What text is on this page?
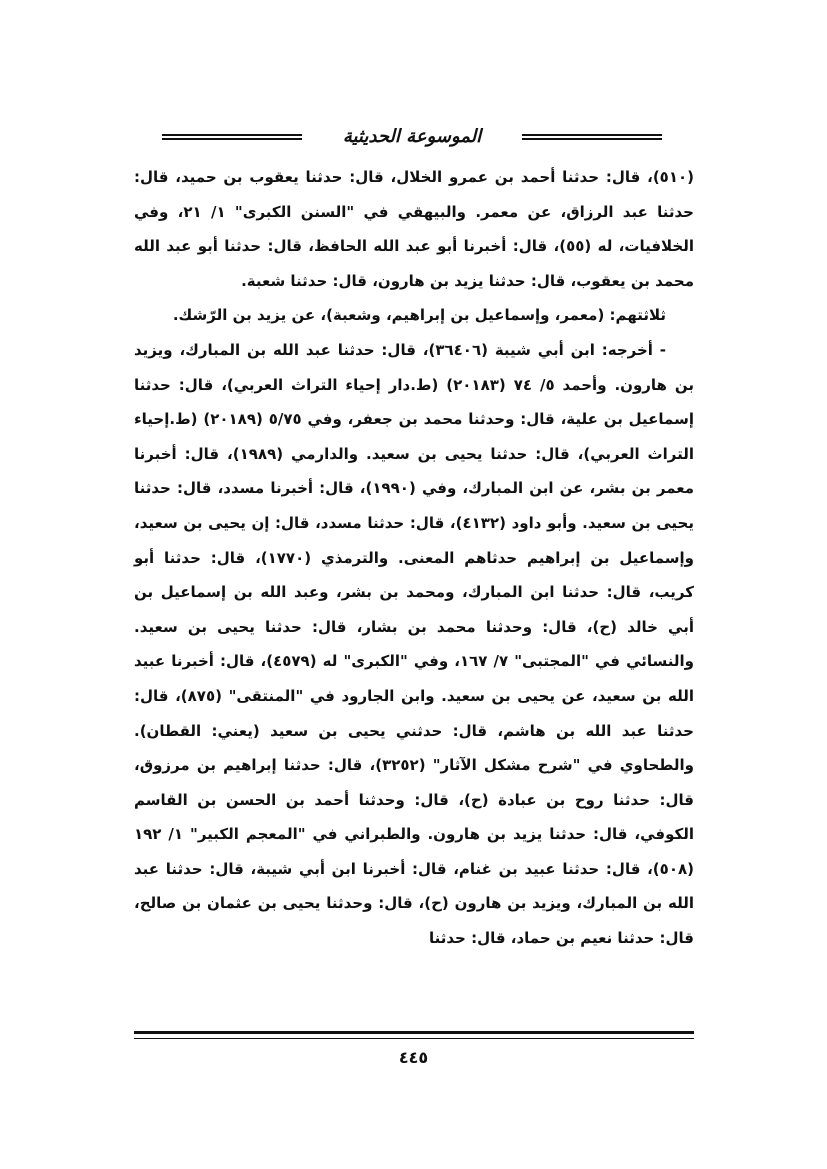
الموسوعة الحديثية

(٥١٠)، قال: حدثنا أحمد بن عمرو الخلال، قال: حدثنا يعقوب بن حميد، قال: حدثنا عبد الرزاق، عن معمر. والبيهقي في "السنن الكبرى" ١/ ٢١، وفي الخلافيات، له (٥٥)، قال: أخبرنا أبو عبد الله الحافظ، قال: حدثنا أبو عبد الله محمد بن يعقوب، قال: حدثنا يزيد بن هارون، قال: حدثنا شعبة.

ثلاثتهم: (معمر، وإسماعيل بن إبراهيم، وشعبة)، عن يزيد بن الرّشك.

- أخرجه: ابن أبي شيبة (٣٦٤٠٦)، قال: حدثنا عبد الله بن المبارك، ويزيد بن هارون. وأحمد ٥/ ٧٤ (٢٠١٨٣) (ط.دار إحياء التراث العربي)، قال: حدثنا إسماعيل بن علية، قال: وحدثنا محمد بن جعفر، وفي ٥/٧٥ (٢٠١٨٩) (ط.إحياء التراث العربي)، قال: حدثنا يحيى بن سعيد. والدارمي (١٩٨٩)، قال: أخبرنا معمر بن بشر، عن ابن المبارك، وفي (١٩٩٠)، قال: أخبرنا مسدد، قال: حدثنا يحيى بن سعيد. وأبو داود (٤١٣٢)، قال: حدثنا مسدد، قال: إن يحيى بن سعيد، وإسماعيل بن إبراهيم حدثاهم المعنى. والترمذي (١٧٧٠)، قال: حدثنا أبو كريب، قال: حدثنا ابن المبارك، ومحمد بن بشر، وعبد الله بن إسماعيل بن أبي خالد (ح)، قال: وحدثنا محمد بن بشار، قال: حدثنا يحيى بن سعيد. والنسائي في "المجتبى" ٧/ ١٦٧، وفي "الكبرى" له (٤٥٧٩)، قال: أخبرنا عبيد الله بن سعيد، عن يحيى بن سعيد. وابن الجارود في "المنتقى" (٨٧٥)، قال: حدثنا عبد الله بن هاشم، قال: حدثني يحيى بن سعيد (يعني: القطان). والطحاوي في "شرح مشكل الآثار" (٣٢٥٢)، قال: حدثنا إبراهيم بن مرزوق، قال: حدثنا روح بن عبادة (ح)، قال: وحدثنا أحمد بن الحسن بن القاسم الكوفي، قال: حدثنا يزيد بن هارون. والطبراني في "المعجم الكبير" ١/ ١٩٢ (٥٠٨)، قال: حدثنا عبيد بن غنام، قال: أخبرنا ابن أبي شيبة، قال: حدثنا عبد الله بن المبارك، ويزيد بن هارون (ح)، قال: وحدثنا يحيى بن عثمان بن صالح، قال: حدثنا نعيم بن حماد، قال: حدثنا

٤٤٥
